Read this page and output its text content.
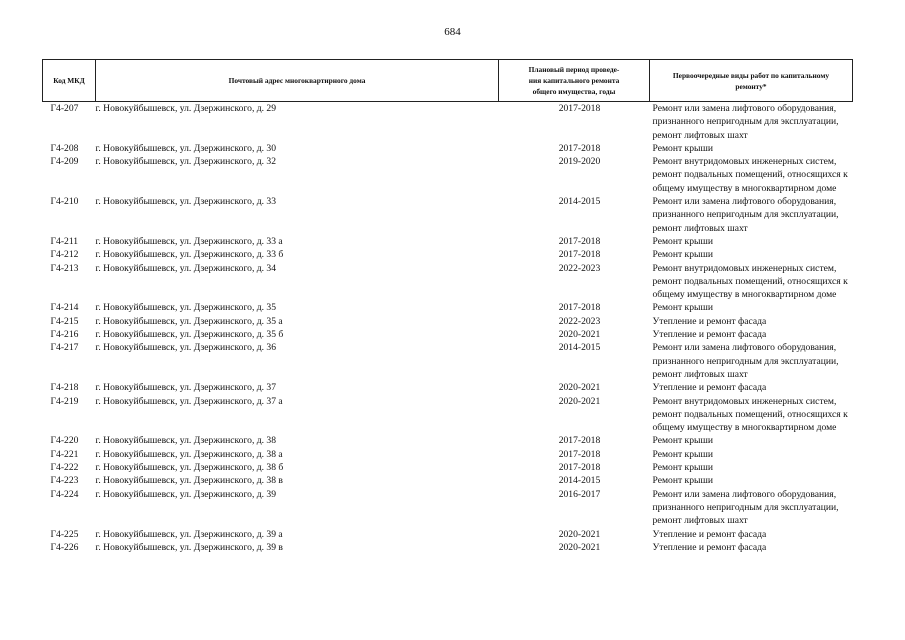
684
Код МКД	Почтовый адрес многоквартирного дома	Плановый период проведе-
ния капитального ремонта
общего имущества, годы	Первоочередные виды работ по капитальному
ремонту*
Г4-207	г. Новокуйбышевск, ул. Дзержинского, д. 29	2017-2018	Ремонт или замена лифтового оборудования,
признанного непригодным для эксплуатации,
ремонт лифтовых шахт
Г4-208	г. Новокуйбышевск, ул. Дзержинского, д. 30	2017-2018	Ремонт крыши
Г4-209	г. Новокуйбышевск, ул. Дзержинского, д. 32	2019-2020	Ремонт внутридомовых инженерных систем,
ремонт подвальных помещений, относящихся к
общему имуществу в многоквартирном доме
Г4-210	г. Новокуйбышевск, ул. Дзержинского, д. 33	2014-2015	Ремонт или замена лифтового оборудования,
признанного непригодным для эксплуатации,
ремонт лифтовых шахт
Г4-211	г. Новокуйбышевск, ул. Дзержинского, д. 33 а	2017-2018	Ремонт крыши
Г4-212	г. Новокуйбышевск, ул. Дзержинского, д. 33 б	2017-2018	Ремонт крыши
Г4-213	г. Новокуйбышевск, ул. Дзержинского, д. 34	2022-2023	Ремонт внутридомовых инженерных систем,
ремонт подвальных помещений, относящихся к
общему имуществу в многоквартирном доме
Г4-214	г. Новокуйбышевск, ул. Дзержинского, д. 35	2017-2018	Ремонт крыши
Г4-215	г. Новокуйбышевск, ул. Дзержинского, д. 35 а	2022-2023	Утепление и ремонт фасада
Г4-216	г. Новокуйбышевск, ул. Дзержинского, д. 35 б	2020-2021	Утепление и ремонт фасада
Г4-217	г. Новокуйбышевск, ул. Дзержинского, д. 36	2014-2015	Ремонт или замена лифтового оборудования,
признанного непригодным для эксплуатации,
ремонт лифтовых шахт
Г4-218	г. Новокуйбышевск, ул. Дзержинского, д. 37	2020-2021	Утепление и ремонт фасада
Г4-219	г. Новокуйбышевск, ул. Дзержинского, д. 37 а	2020-2021	Ремонт внутридомовых инженерных систем,
ремонт подвальных помещений, относящихся к
общему имуществу в многоквартирном доме
Г4-220	г. Новокуйбышевск, ул. Дзержинского, д. 38	2017-2018	Ремонт крыши
Г4-221	г. Новокуйбышевск, ул. Дзержинского, д. 38 а	2017-2018	Ремонт крыши
Г4-222	г. Новокуйбышевск, ул. Дзержинского, д. 38 б	2017-2018	Ремонт крыши
Г4-223	г. Новокуйбышевск, ул. Дзержинского, д. 38 в	2014-2015	Ремонт крыши
Г4-224	г. Новокуйбышевск, ул. Дзержинского, д. 39	2016-2017	Ремонт или замена лифтового оборудования,
признанного непригодным для эксплуатации,
ремонт лифтовых шахт
Г4-225	г. Новокуйбышевск, ул. Дзержинского, д. 39 а	2020-2021	Утепление и ремонт фасада
Г4-226	г. Новокуйбышевск, ул. Дзержинского, д. 39 в	2020-2021	Утепление и ремонт фасада
